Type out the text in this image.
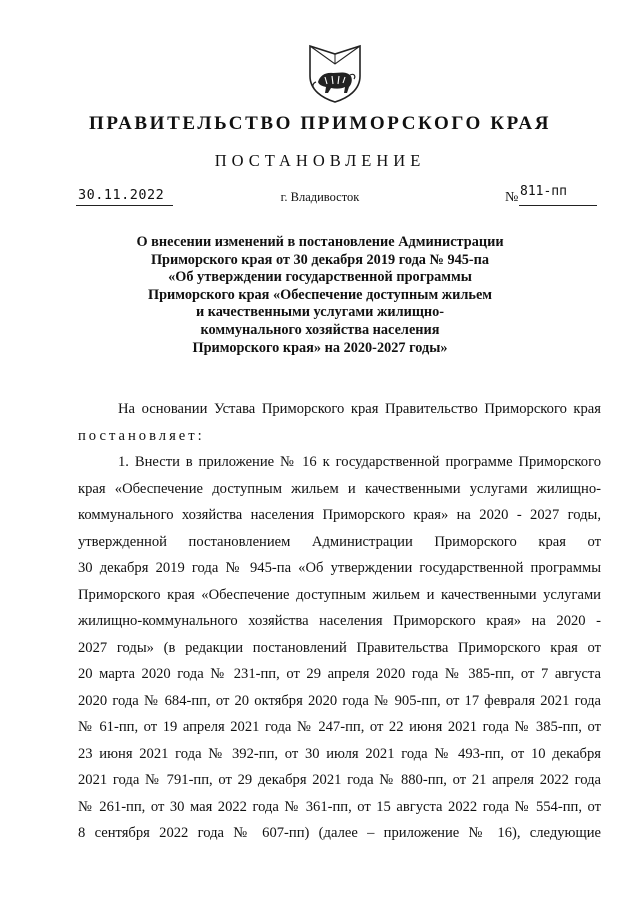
ПРАВИТЕЛЬСТВО ПРИМОРСКОГО КРАЯ
ПОСТАНОВЛЕНИЕ
30.11.2022	г. Владивосток	№ 811-пп
О внесении изменений в постановление Администрации
Приморского края от 30 декабря 2019 года № 945-па
«Об утверждении государственной программы
Приморского края «Обеспечение доступным жильем
и качественными услугами жилищно-
коммунального хозяйства населения
Приморского края» на 2020-2027 годы»
На основании Устава Приморского края Правительство Приморского края
постановляет:
1. Внести в приложение № 16 к государственной программе Приморского
края «Обеспечение доступным жильем и качественными услугами жилищно-
коммунального хозяйства населения Приморского края» на 2020 - 2027 годы,
утвержденной постановлением Администрации Приморского края от
30 декабря 2019 года № 945-па «Об утверждении государственной программы
Приморского края «Обеспечение доступным жильем и качественными услугами
жилищно-коммунального хозяйства населения Приморского края» на 2020 -
2027 годы» (в редакции постановлений Правительства Приморского края от
20 марта 2020 года № 231-пп, от 29 апреля 2020 года № 385-пп, от 7 августа
2020 года № 684-пп, от 20 октября 2020 года № 905-пп, от 17 февраля 2021 года
№ 61-пп, от 19 апреля 2021 года № 247-пп, от 22 июня 2021 года № 385-пп, от
23 июня 2021 года № 392-пп, от 30 июля 2021 года № 493-пп, от 10 декабря
2021 года № 791-пп, от 29 декабря 2021 года № 880-пп, от 21 апреля 2022 года
№ 261-пп, от 30 мая 2022 года № 361-пп, от 15 августа 2022 года № 554-пп, от
8 сентября 2022 года № 607-пп) (далее – приложение № 16), следующие
